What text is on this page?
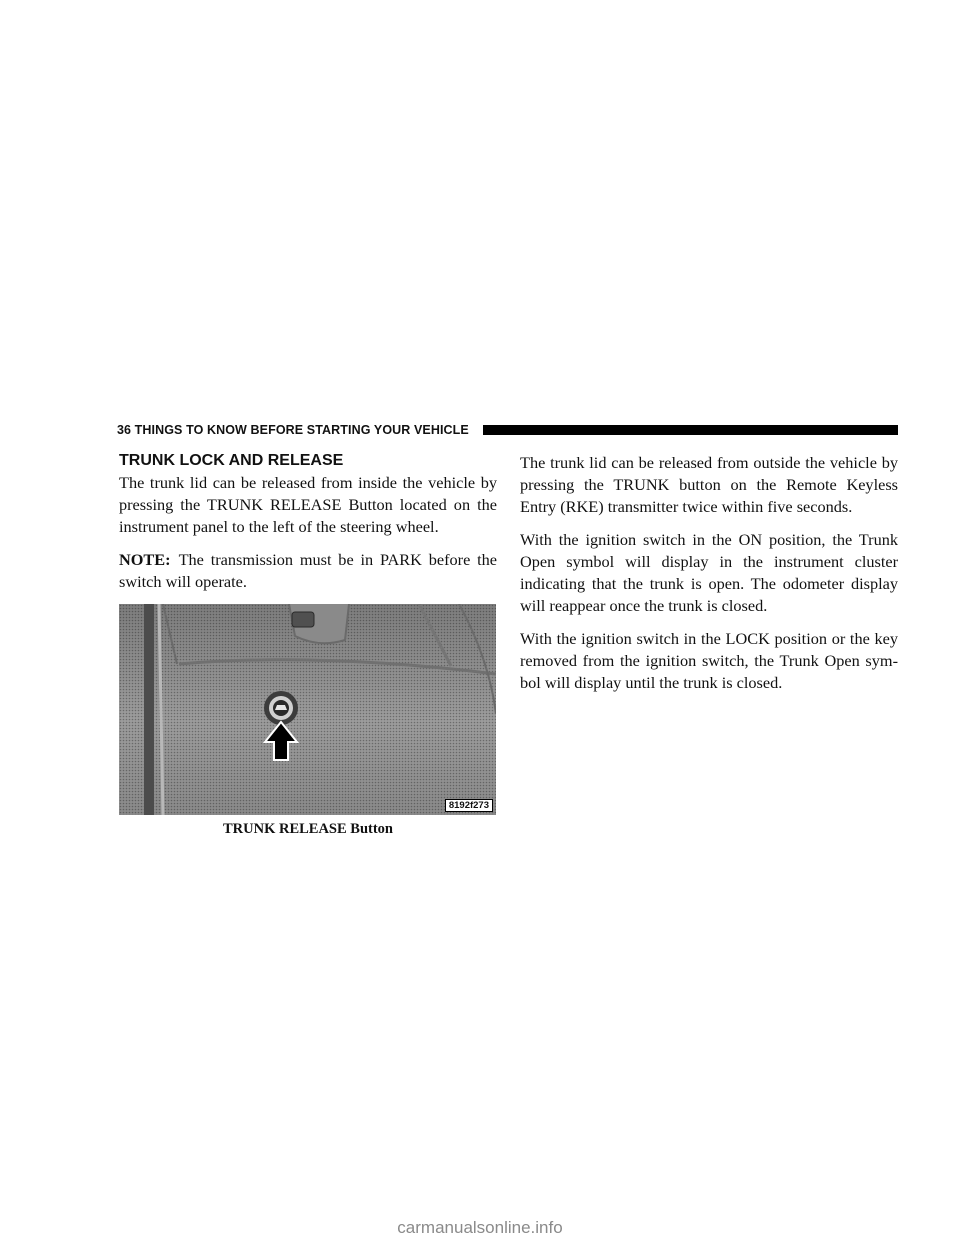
36 THINGS TO KNOW BEFORE STARTING YOUR VEHICLE
TRUNK LOCK AND RELEASE

The trunk lid can be released from inside the vehicle by pressing the TRUNK RELEASE Button located on the instrument panel to the left of the steering wheel.

NOTE: The transmission must be in PARK before the switch will operate.

8192f273
TRUNK RELEASE Button

The trunk lid can be released from outside the vehicle by pressing the TRUNK button on the Remote Keyless Entry (RKE) transmitter twice within five seconds.

With the ignition switch in the ON position, the Trunk Open symbol will display in the instrument cluster indicating that the trunk is open. The odometer display will reappear once the trunk is closed.

With the ignition switch in the LOCK position or the key removed from the ignition switch, the Trunk Open sym- bol will display until the trunk is closed.

carmanualsonline.info
